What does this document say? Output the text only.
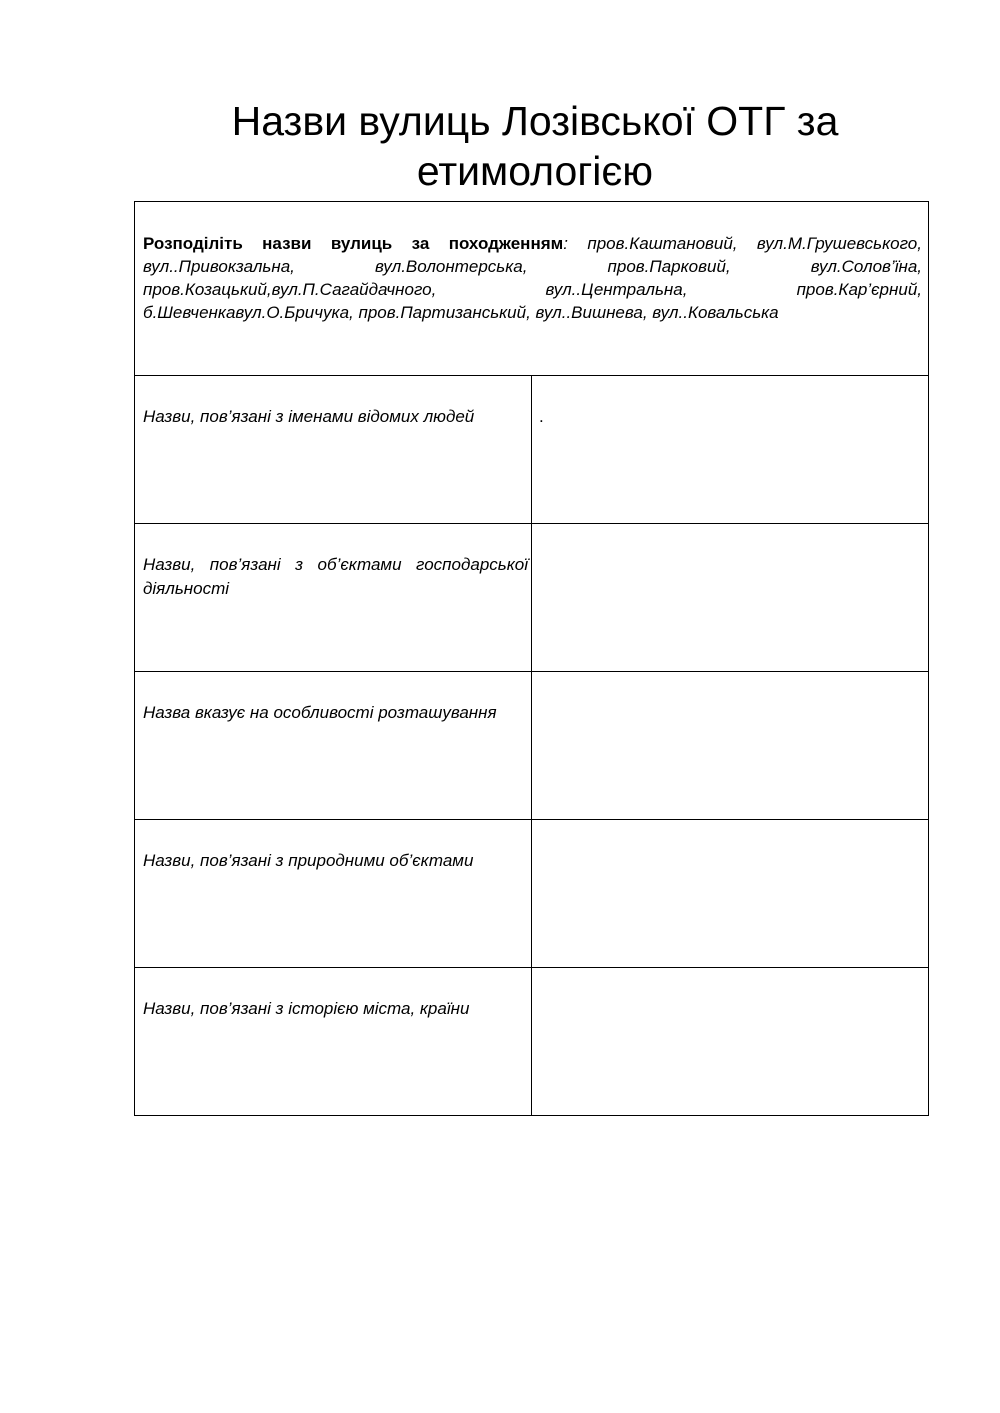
Назви вулиць Лозівської ОТГ за етимологією
Розподіліть назви вулиць за походженням: пров.Каштановий, вул.М.Грушевського, вул..Привокзальна, вул.Волонтерська, пров.Парковий, вул.Солов’їна, пров.Козацький,вул.П.Сагайдачного, вул..Центральна, пров.Кар’єрний, б.Шевченкавул.О.Бричука, пров.Партизанський, вул..Вишнева, вул..Ковальська	

Назви, пов’язані з іменами відомих людей	.

Назви, пов’язані з об’єктами господарської діяльності	

Назва вказує на особливості розташування	

Назви, пов’язані з природними об’єктами	

Назви, пов’язані з історією міста, країни	
